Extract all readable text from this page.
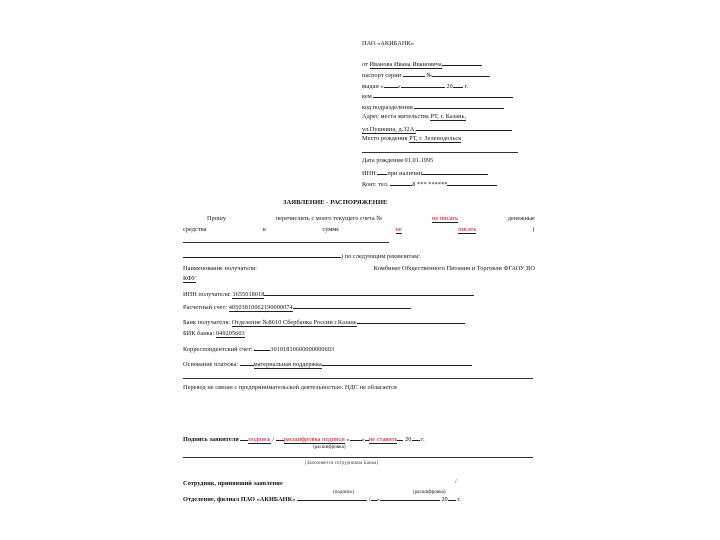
ПАО «АКИБАНК»
от Иванова Ивана Ивановича
паспорт серии	№
выдан « »	20 г.
кем
код подразделения
Адрес места жительства РТ, г. Казань,
ул.Пушкина, д.32А,
Место рождения РТ, г. Зеленодольск
Дата рождения 01.01.1995
ИНН при наличии
Конт. тел.	8 *** ******
ЗАЯВЛЕНИЕ - РАСПОРЯЖЕНИЕ
Прошу	перечислить с моего текущего счета №	не писать	денежные
средства	в	сумме	не	писать	(
) по следующим реквизитам:
Наименование получателя:	Комбинат Общественного Питания и Торговли ФГАОУ ВО
КФУ
ИНН получателя: 1655018018
Расчетный счет: 40503810062190000074
Банк получателя: Отделение №8610 Сбербанка России г.Казань
БИК банка: 049205603
Корреспондентский счет:	30101810600000000603
Основание платежа: материальная поддержка
Перевод не связан с предпринимательской деятельностью. НДС не облагается
Подпись заявителя подпись / расшифровка подписи « » не ставить 20 г.
(расшифровка)
(Заполняется сотрудником Банка)
Сотрудник, принявший заявление	/
(подпись)	(расшифровка)
Отделение, филиал ПАО «АКИБАНК»	/ «	20 г.
